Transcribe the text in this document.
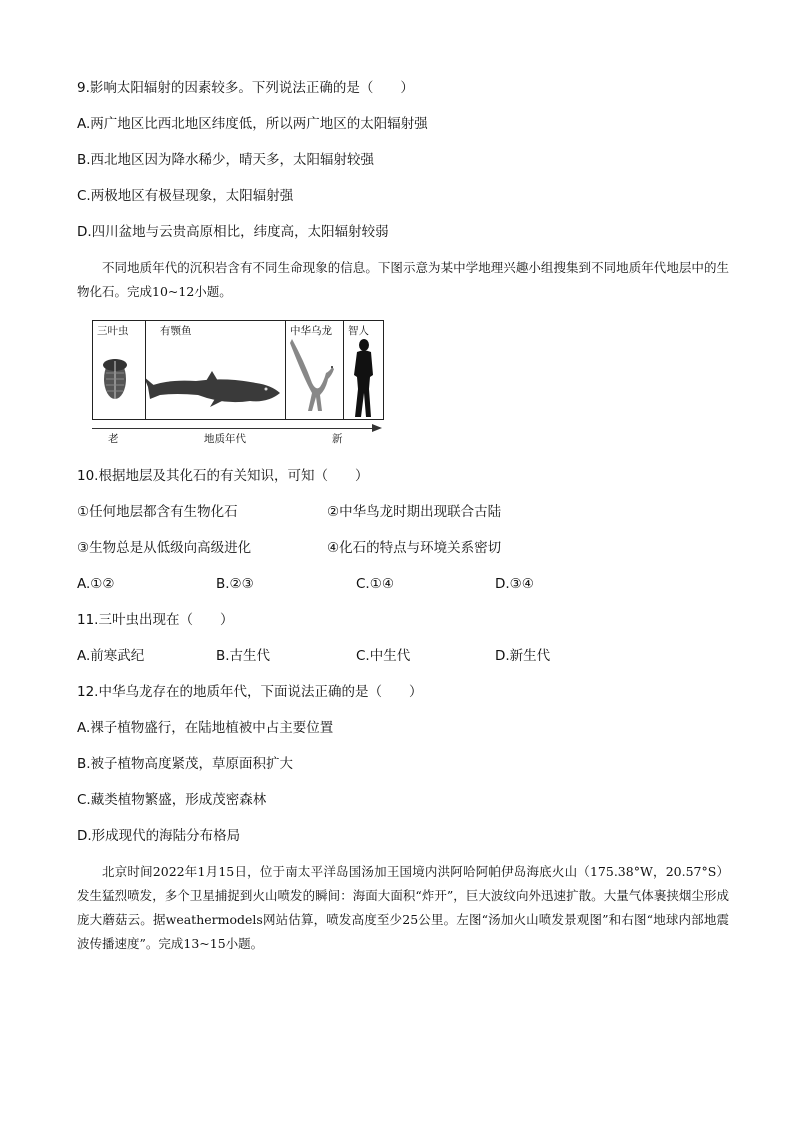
9.影响太阳辐射的因素较多。下列说法正确的是（　　）
A.两广地区比西北地区纬度低，所以两广地区的太阳辐射强
B.西北地区因为降水稀少，晴天多，太阳辐射较强
C.两极地区有极昼现象，太阳辐射强
D.四川盆地与云贵高原相比，纬度高，太阳辐射较弱
不同地质年代的沉积岩含有不同生命现象的信息。下图示意为某中学地理兴趣小组搜集到不同地质年代地层中的生物化石。完成10~12小题。
三叶虫	有颚鱼	中华乌龙 智人
老	地质年代	新
10.根据地层及其化石的有关知识，可知（　　）
①任何地层都含有生物化石	②中华鸟龙时期出现联合古陆
③生物总是从低级向高级进化	④化石的特点与环境关系密切
A.①②	B.②③	C.①④	D.③④
11.三叶虫出现在（　　）
A.前寒武纪	B.古生代	C.中生代	D.新生代
12.中华乌龙存在的地质年代，下面说法正确的是（　　）
A.裸子植物盛行，在陆地植被中占主要位置
B.被子植物高度紧茂，草原面积扩大
C.藏类植物繁盛，形成茂密森林
D.形成现代的海陆分布格局
北京时间2022年1月15日，位于南太平洋岛国汤加王国境内洪阿哈阿帕伊岛海底火山（175.38°W，20.57°S）发生猛烈喷发，多个卫星捕捉到火山喷发的瞬间：海面大面积“炸开”，巨大波纹向外迅速扩散。大量气体裹挟烟尘形成庞大蘑菇云。据weathermodels网站估算，喷发高度至少25公里。左图“汤加火山喷发景观图”和右图“地球内部地震波传播速度”。完成13~15小题。
